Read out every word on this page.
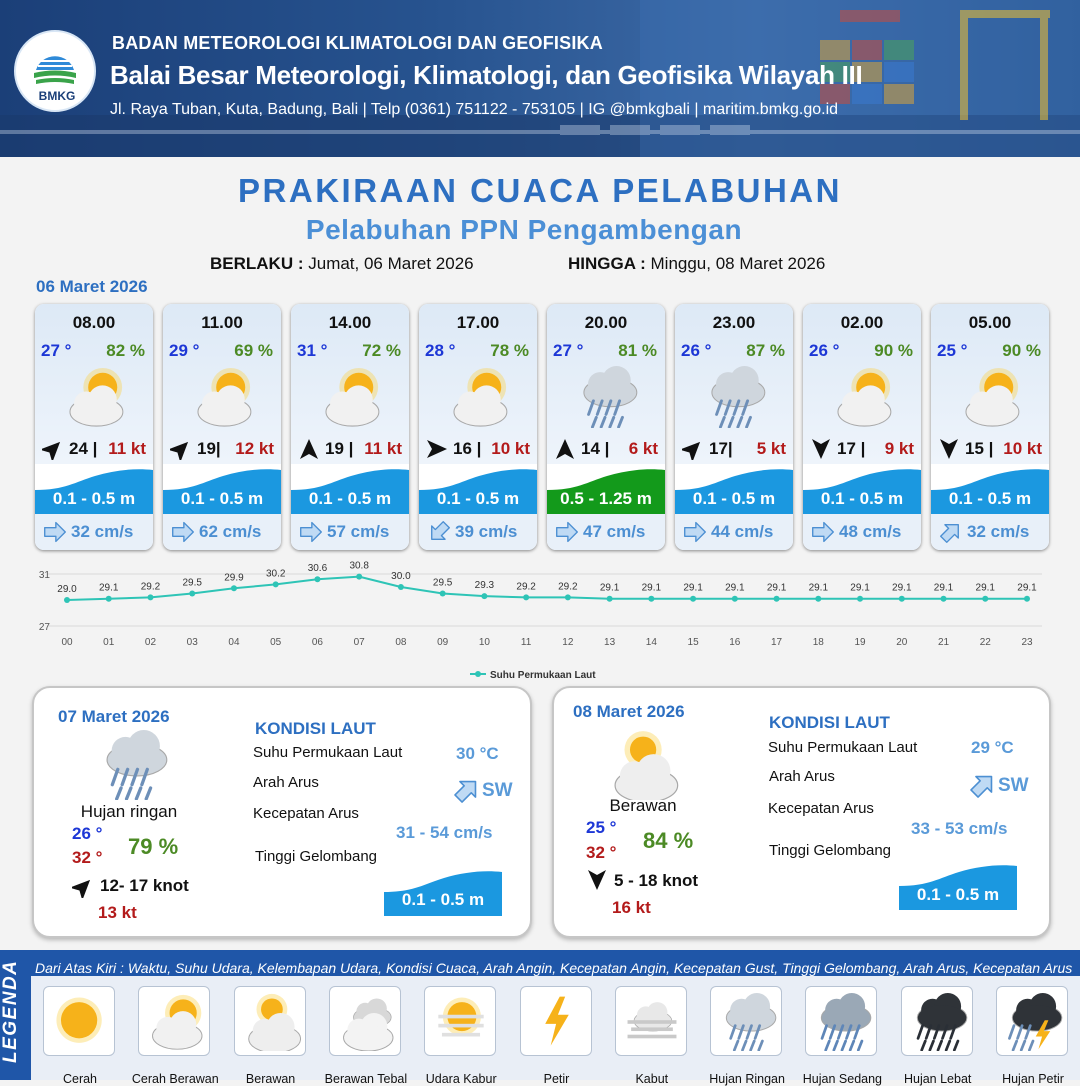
BMKG
BADAN METEOROLOGI KLIMATOLOGI DAN GEOFISIKA
Balai Besar Meteorologi, Klimatologi, dan Geofisika Wilayah III
Jl. Raya Tuban, Kuta, Badung, Bali | Telp (0361) 751122 - 753105 | IG @bmkgbali | maritim.bmkg.go.id
PRAKIRAAN CUACA PELABUHAN
Pelabuhan PPN Pengambengan
BERLAKU : Jumat, 06 Maret 2026	HINGGA : Minggu, 08 Maret 2026
06 Maret 2026
08.00
27 ° 82 %
24 | 11 kt
0.1 - 0.5 m
32 cm/s
11.00
29 ° 69 %
19| 12 kt
0.1 - 0.5 m
62 cm/s
14.00
31 ° 72 %
19 | 11 kt
0.1 - 0.5 m
57 cm/s
17.00
28 ° 78 %
16 | 10 kt
0.1 - 0.5 m
39 cm/s
20.00
27 ° 81 %
14 | 6 kt
0.5 - 1.25 m
47 cm/s
23.00
26 ° 87 %
17| 5 kt
0.1 - 0.5 m
44 cm/s
02.00
26 ° 90 %
17 | 9 kt
0.1 - 0.5 m
48 cm/s
05.00
25 ° 90 %
15 | 10 kt
0.1 - 0.5 m
32 cm/s
31
27
29.0
00
29.1
01
29.2
02
29.5
03
29.9
04
30.2
05
30.6
06
30.8
07
30.0
08
29.5
09
29.3
10
29.2
11
29.2
12
29.1
13
29.1
14
29.1
15
29.1
16
29.1
17
29.1
18
29.1
19
29.1
20
29.1
21
29.1
22
29.1
23
Suhu Permukaan Laut
07 Maret 2026
Hujan ringan
26 °
32 ° 79 %
12- 17 knot
13 kt
KONDISI LAUT
Suhu Permukaan Laut	30 °C
Arah Arus	SW
Kecepatan Arus
31 - 54 cm/s
Tinggi Gelombang
0.1 - 0.5 m
08 Maret 2026
Berawan
25 °
32 ° 84 %
5 - 18 knot
16 kt
KONDISI LAUT
Suhu Permukaan Laut	29 °C
Arah Arus	SW
Kecepatan Arus
33 - 53 cm/s
Tinggi Gelombang
0.1 - 0.5 m
LEGENDA	Dari Atas Kiri : Waktu, Suhu Udara, Kelembapan Udara, Kondisi Cuaca, Arah Angin, Kecepatan Angin, Kecepatan Gust, Tinggi Gelombang, Arah Arus, Kecepatan Arus
Cerah	Cerah Berawan	Berawan	Berawan Tebal	Udara Kabur	Petir	Kabut	Hujan Ringan	Hujan Sedang	Hujan Lebat	Hujan Petir
